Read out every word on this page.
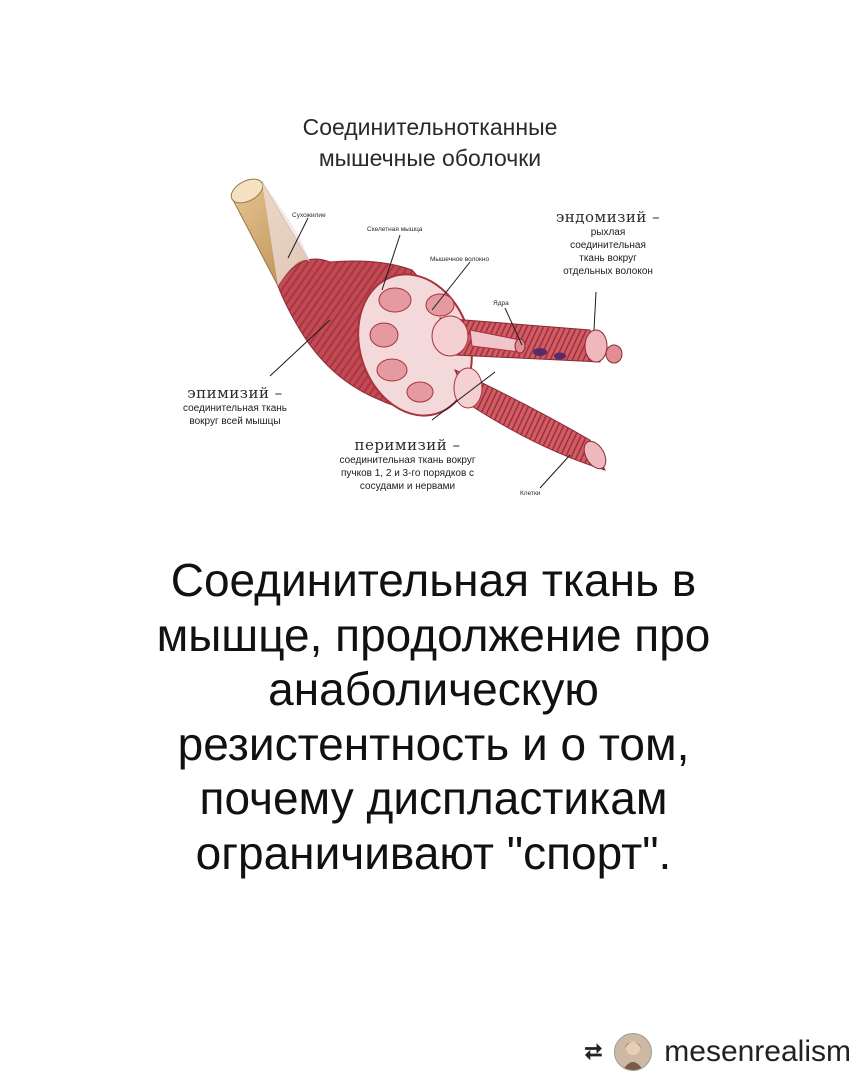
Соединительнотканные
мышечные оболочки
Сухожилие
Скелетная мышца
Мышечное волокно
Ядра
Клетки
эндомизий –
рыхлая
соединительная
ткань вокруг
отдельных волокон
эпимизий –
соединительная ткань
вокруг всей мышцы
перимизий –
соединительная ткань вокруг
пучков 1, 2 и 3-го порядков с
сосудами и нервами
Соединительная ткань в
мышце, продолжение про
анаболическую
резистентность и о том,
почему диспластикам
ограничивают "спорт".
⮂ mesenrealism
